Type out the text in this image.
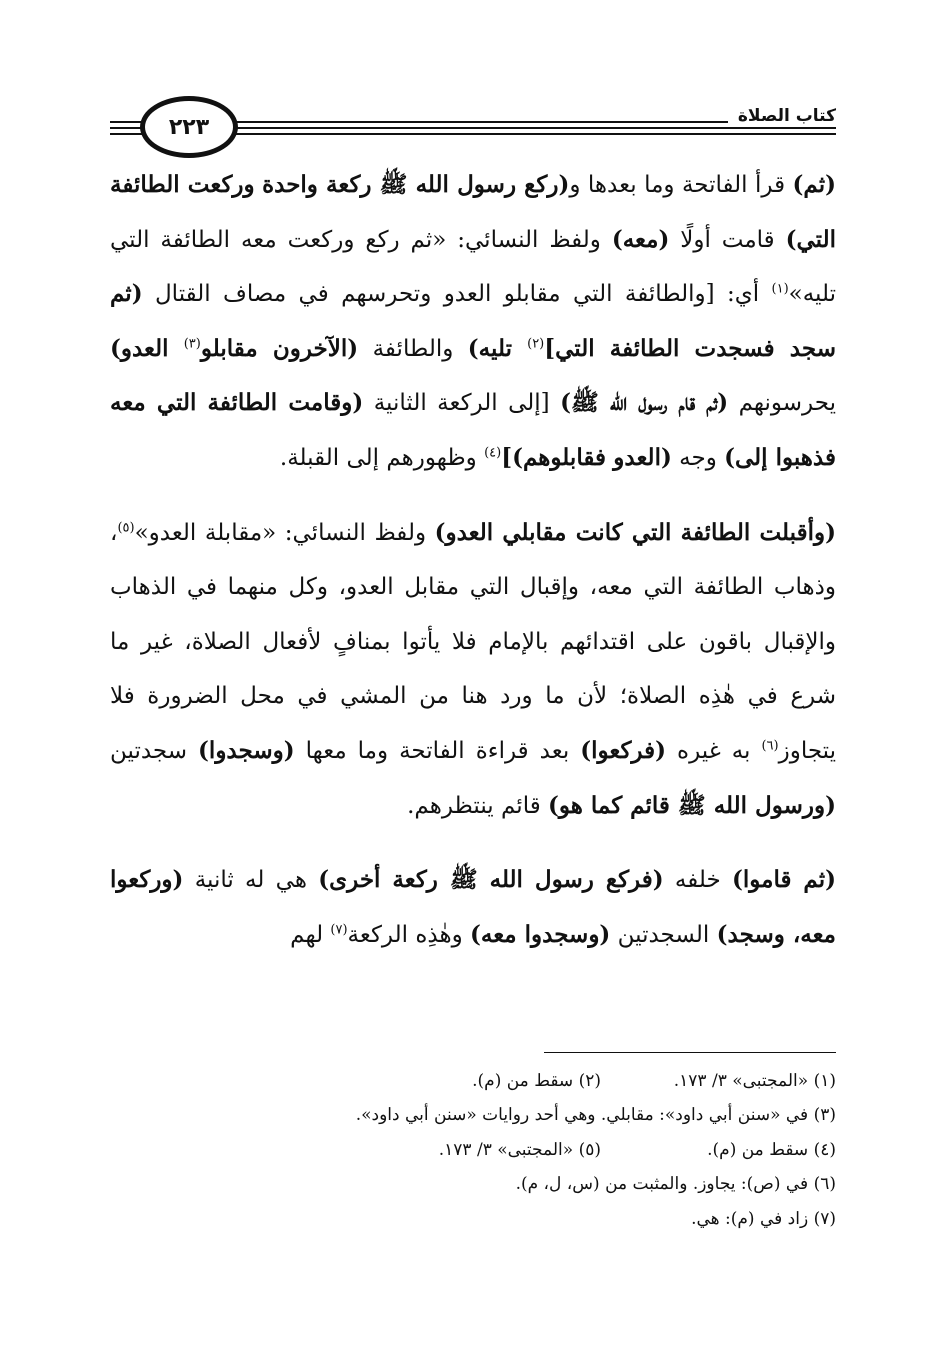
٢٢٣	كتاب الصلاة

(ثم) قرأ الفاتحة وما بعدها و(ركع رسول الله ﷺ ركعة واحدة وركعت الطائفة التي) قامت أولًا (معه) ولفظ النسائي: «ثم ركع وركعت معه الطائفة التي تليه»$^{(١)}$ أي: [والطائفة التي مقابلو العدو وتحرسهم في مصاف القتال (ثم سجد فسجدت الطائفة التي]$^{(٢)}$ تليه) والطائفة (الآخرون مقابلو$^{(٣)}$ العدو) يحرسونهم (ثم قام رسول الله ﷺ) [إلى الركعة الثانية (وقامت الطائفة التي معه فذهبوا إلى) وجه (العدو فقابلوهم)]$^{(٤)}$ وظهورهم إلى القبلة.

(وأقبلت الطائفة التي كانت مقابلي العدو) ولفظ النسائي: «مقابلة العدو»$^{(٥)}$، وذهاب الطائفة التي معه، وإقبال التي مقابل العدو، وكل منهما في الذهاب والإقبال باقون على اقتدائهم بالإمام فلا يأتوا بمنافٍ لأفعال الصلاة، غير ما شرع في هٰذِه الصلاة؛ لأن ما ورد هنا من المشي في محل الضرورة فلا يتجاوز$^{(٦)}$ به غيره (فركعوا) بعد قراءة الفاتحة وما معها (وسجدوا) سجدتين (ورسول الله ﷺ قائم كما هو) قائم ينتظرهم.

(ثم قاموا) خلفه (فركع رسول الله ﷺ ركعة أخرى) هي له ثانية (وركعوا معه، وسجد) السجدتين (وسجدوا معه) وهٰذِه الركعة$^{(٧)}$ لهم

(١) «المجتبى» ٣/ ١٧٣.
(٢) سقط من (م).
(٣) في «سنن أبي داود»: مقابلي. وهي أحد روايات «سنن أبي داود».
(٤) سقط من (م).
(٥) «المجتبى» ٣/ ١٧٣.
(٦) في (ص): يجاوز. والمثبت من (س، ل، م).
(٧) زاد في (م): هي.
